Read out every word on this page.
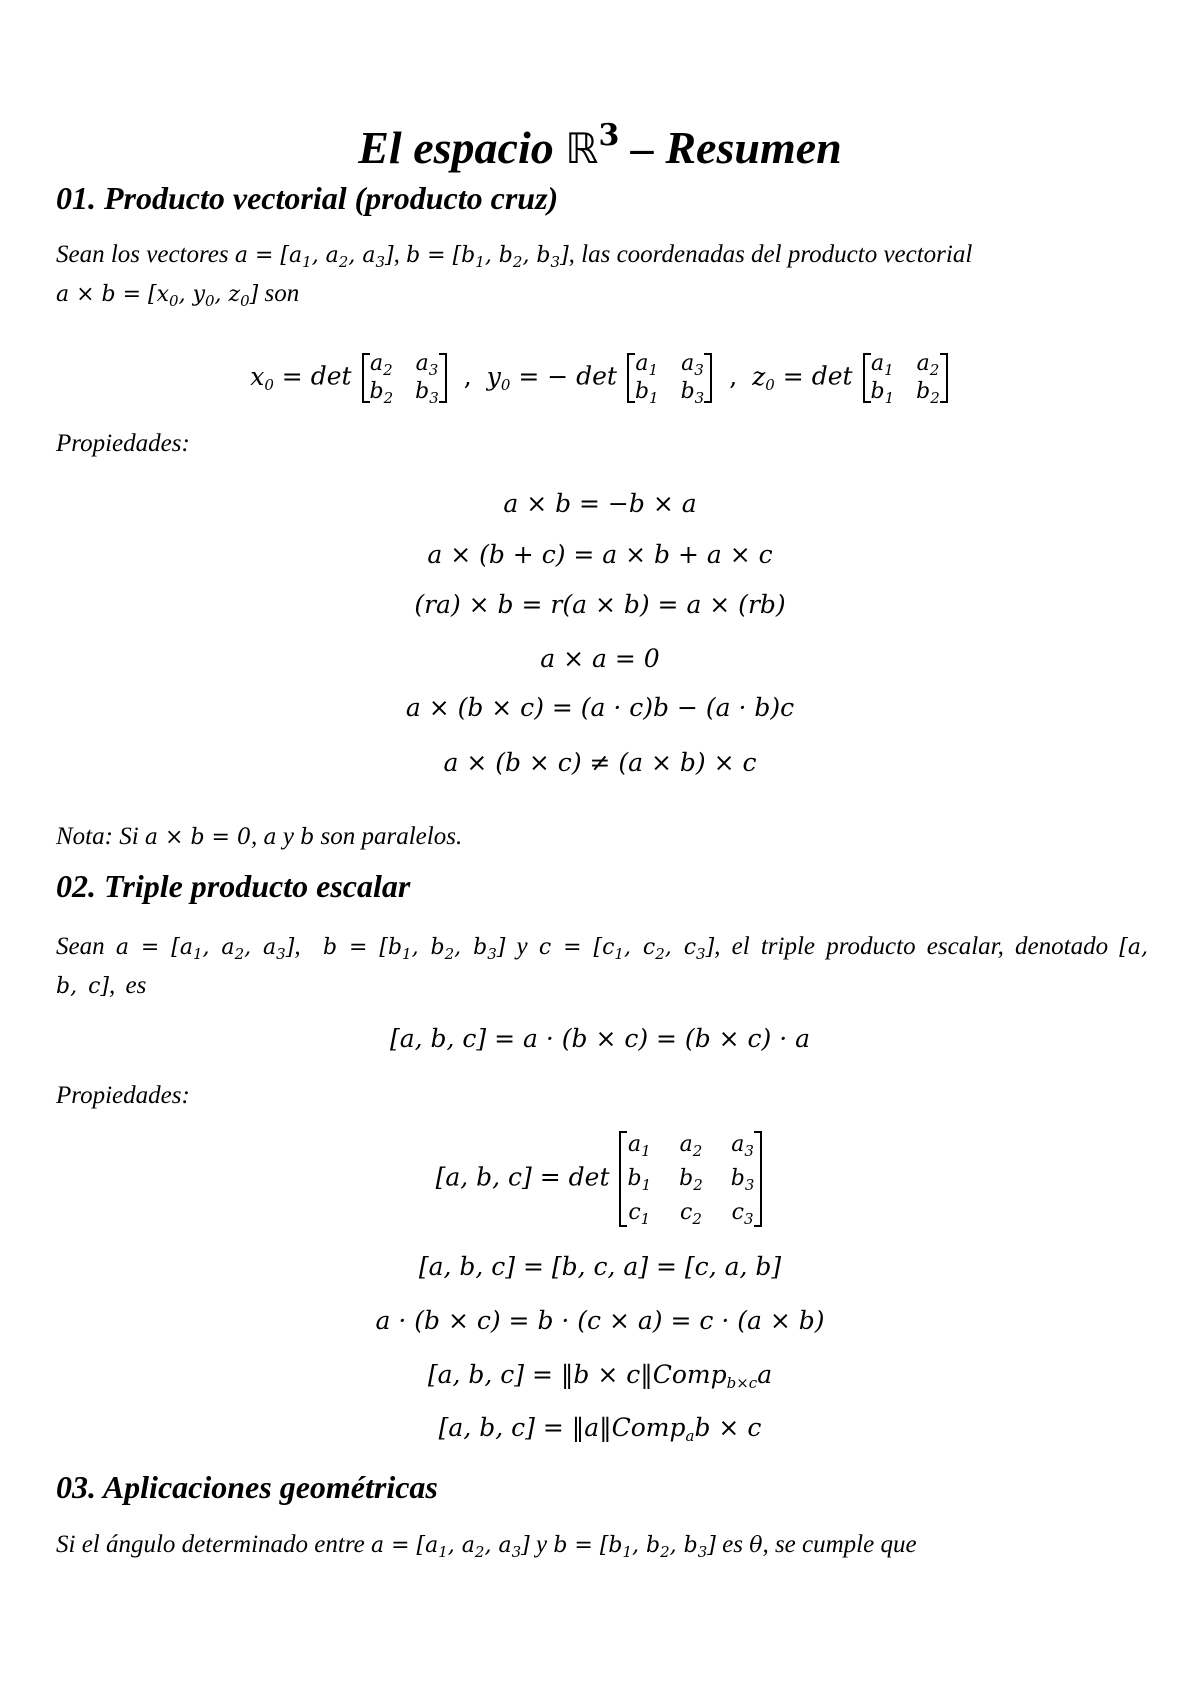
El espacio ℝ$^3$ – Resumen
01. Producto vectorial (producto cruz)
Sean los vectores $a = [a_1$, $a_2$, $a_3$], $b = [b_1$, $b_2$, $b_3$], las coordenadas del producto vectorial
$a \times b = [x_0$, $y_0$, $z_0$] son
$x_0 = \det a_2$ $a_3$
$b_2$ $b_3$
, $y_0$ = − $\det a_1$ $a_3$
$b_1$ $b_3$
, $z_0 = \det a_1$ $a_2$
$b_1$ $b_2$
Propiedades:
a × b = −b × a
a × (b + c) = a × b + a × c
(ra) × b = r(a × b) = a × (rb)
a × a = 0
a × (b × c) = (a · c)b − (a · b)c
a × (b × c) ≠ (a × b) × c
Nota: Si a × b = 0, a y b son paralelos.
02. Triple producto escalar
Sean $a = [a_1$, $a_2$, $a_3$],  $b = [b_1$, $b_2$, $b_3$] y $c = [c_1$, $c_2$, $c_3$], el triple producto escalar, denotado [a, b, c], es
[a, b, c] = a · (b × c) = (b × c) · a
Propiedades:
[a, b, c] = det
$a_1$ $a_2$ $a_3$
$b_1$ $b_2$ $b_3$
$c_1$ $c_2$ $c_3$
[a, b, c] = [b, c, a] = [c, a, b]
a · (b × c) = b · (c × a) = c · (a × b)
[a, b, c] = ‖b × c‖Comp$_{b\times c}$a
[a, b, c] = ‖a‖Comp$_a$b × c
03. Aplicaciones geométricas
Si el ángulo determinado entre $a = [a_1$, $a_2$, $a_3$] y $b = [b_1$, $b_2$, $b_3$] es θ, se cumple que
